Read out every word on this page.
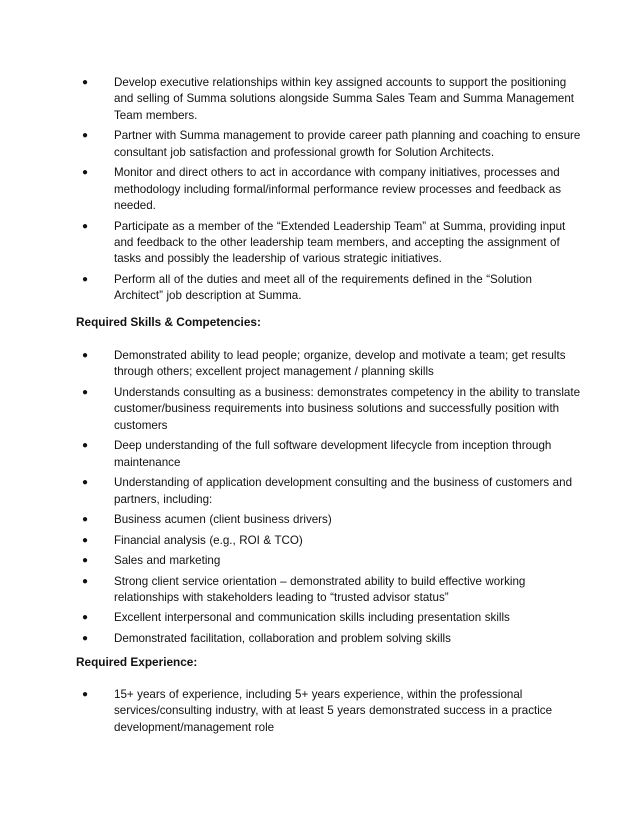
● Develop executive relationships within key assigned accounts to support the positioning and selling of Summa solutions alongside Summa Sales Team and Summa Management Team members.
● Partner with Summa management to provide career path planning and coaching to ensure consultant job satisfaction and professional growth for Solution Architects.
● Monitor and direct others to act in accordance with company initiatives, processes and methodology including formal/informal performance review processes and feedback as needed.
● Participate as a member of the “Extended Leadership Team” at Summa, providing input and feedback to the other leadership team members, and accepting the assignment of tasks and possibly the leadership of various strategic initiatives.
● Perform all of the duties and meet all of the requirements defined in the “Solution Architect” job description at Summa.
Required Skills & Competencies:
● Demonstrated ability to lead people; organize, develop and motivate a team; get results through others; excellent project management / planning skills
● Understands consulting as a business: demonstrates competency in the ability to translate customer/business requirements into business solutions and successfully position with customers
● Deep understanding of the full software development lifecycle from inception through maintenance
● Understanding of application development consulting and the business of customers and partners, including:
● Business acumen (client business drivers)
● Financial analysis (e.g., ROI & TCO)
● Sales and marketing
● Strong client service orientation – demonstrated ability to build effective working relationships with stakeholders leading to “trusted advisor status”
● Excellent interpersonal and communication skills including presentation skills
● Demonstrated facilitation, collaboration and problem solving skills
Required Experience:
● 15+ years of experience, including 5+ years experience, within the professional services/consulting industry, with at least 5 years demonstrated success in a practice development/management role
